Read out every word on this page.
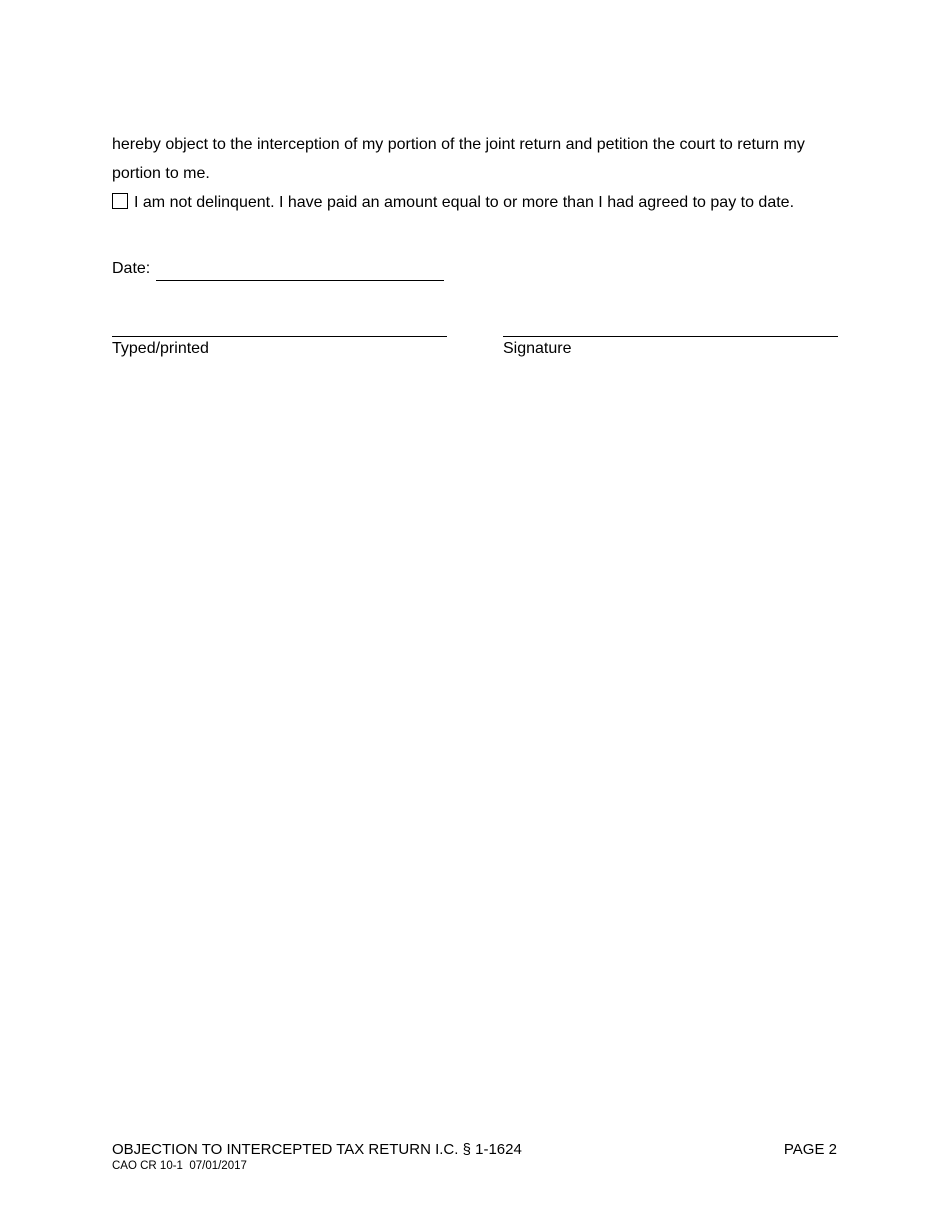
hereby object to the interception of my portion of the joint return and petition the court to return my portion to me.
I am not delinquent. I have paid an amount equal to or more than I had agreed to pay to date.
Date:
Typed/printed	Signature
OBJECTION TO INTERCEPTED TAX RETURN I.C. § 1-1624	PAGE 2
CAO CR 10-1  07/01/2017
